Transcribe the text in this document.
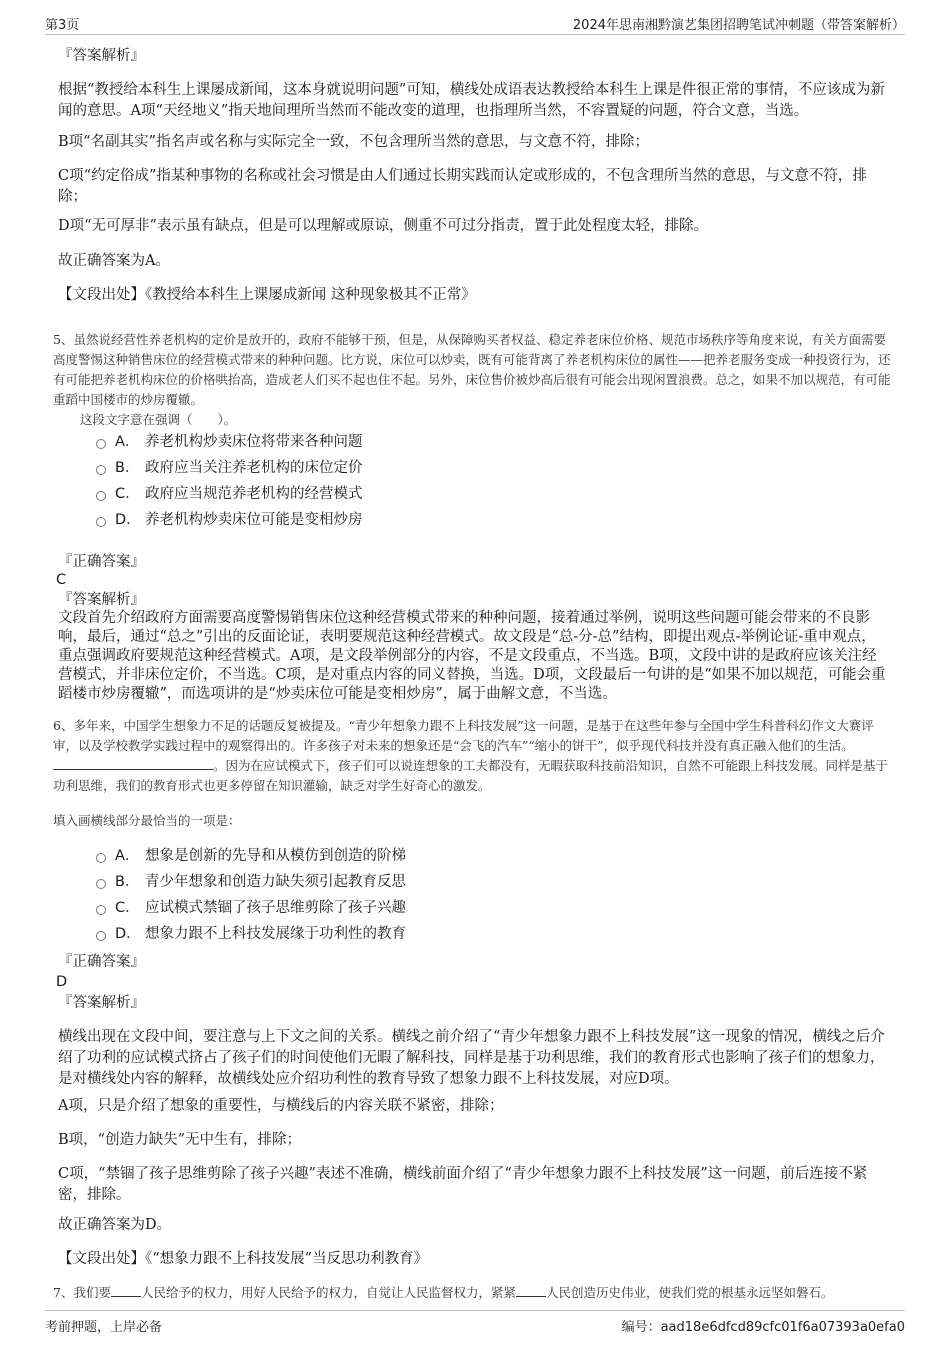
第3页	2024年思南湘黔演艺集团招聘笔试冲刺题（带答案解析）

『答案解析』

根据“教授给本科生上课屡成新闻，这本身就说明问题”可知，横线处成语表达教授给本科生上课是件很正常的事情，不应该成为新闻的意思。A项“天经地义”指天地间理所当然而不能改变的道理，也指理所当然，不容置疑的问题，符合文意，当选。

B项“名副其实”指名声或名称与实际完全一致，不包含理所当然的意思，与文意不符，排除；

C项“约定俗成”指某种事物的名称或社会习惯是由人们通过长期实践而认定或形成的，不包含理所当然的意思，与文意不符，排除；

D项“无可厚非”表示虽有缺点，但是可以理解或原谅，侧重不可过分指责，置于此处程度太轻，排除。

故正确答案为A。

【文段出处】《教授给本科生上课屡成新闻 这种现象极其不正常》

5、虽然说经营性养老机构的定价是放开的，政府不能够干预，但是，从保障购买者权益、稳定养老床位价格、规范市场秩序等角度来说，有关方面需要高度警惕这种销售床位的经营模式带来的种种问题。比方说，床位可以炒卖，既有可能背离了养老机构床位的属性——把养老服务变成一种投资行为，还有可能把养老机构床位的价格哄抬高，造成老人们买不起也住不起。另外，床位售价被炒高后很有可能会出现闲置浪费。总之，如果不加以规范，有可能重蹈中国楼市的炒房覆辙。

这段文字意在强调（　　）。

A． 养老机构炒卖床位将带来各种问题
B． 政府应当关注养老机构的床位定价
C． 政府应当规范养老机构的经营模式
D． 养老机构炒卖床位可能是变相炒房

『正确答案』

C

『答案解析』

文段首先介绍政府方面需要高度警惕销售床位这种经营模式带来的种种问题，接着通过举例，说明这些问题可能会带来的不良影响，最后，通过“总之”引出的反面论证，表明要规范这种经营模式。故文段是“总-分-总”结构，即提出观点-举例论证-重申观点，重点强调政府要规范这种经营模式。A项，是文段举例部分的内容，不是文段重点，不当选。B项，文段中讲的是政府应该关注经营模式，并非床位定价，不当选。C项，是对重点内容的同义替换，当选。D项，文段最后一句讲的是“如果不加以规范，可能会重蹈楼市炒房覆辙”，而选项讲的是“炒卖床位可能是变相炒房”，属于曲解文意，不当选。

6、多年来，中国学生想象力不足的话题反复被提及。“青少年想象力跟不上科技发展”这一问题，是基于在这些年参与全国中学生科普科幻作文大赛评审，以及学校教学实践过程中的观察得出的。许多孩子对未来的想象还是“会飞的汽车”“缩小的饼干”，似乎现代科技并没有真正融入他们的生活。。因为在应试模式下，孩子们可以说连想象的工夫都没有，无暇获取科技前沿知识，自然不可能跟上科技发展。同样是基于功利思维，我们的教育形式也更多停留在知识灌输，缺乏对学生好奇心的激发。

填入画横线部分最恰当的一项是：

A． 想象是创新的先导和从模仿到创造的阶梯
B． 青少年想象和创造力缺失须引起教育反思
C． 应试模式禁锢了孩子思维剪除了孩子兴趣
D． 想象力跟不上科技发展缘于功利性的教育

『正确答案』

D

『答案解析』

横线出现在文段中间，要注意与上下文之间的关系。横线之前介绍了“青少年想象力跟不上科技发展”这一现象的情况，横线之后介绍了功利的应试模式挤占了孩子们的时间使他们无暇了解科技，同样是基于功利思维，我们的教育形式也影响了孩子们的想象力，是对横线处内容的解释，故横线处应介绍功利性的教育导致了想象力跟不上科技发展，对应D项。

A项，只是介绍了想象的重要性，与横线后的内容关联不紧密，排除；

B项，“创造力缺失”无中生有，排除；

C项，“禁锢了孩子思维剪除了孩子兴趣”表述不准确，横线前面介绍了“青少年想象力跟不上科技发展”这一问题，前后连接不紧密，排除。

故正确答案为D。

【文段出处】《“想象力跟不上科技发展”当反思功利教育》

7、我们要 人民给予的权力，用好人民给予的权力，自觉让人民监督权力，紧紧 人民创造历史伟业，使我们党的根基永远坚如磐石。

考前押题，上岸必备	编号：aad18e6dfcd89cfc01f6a07393a0efa0
